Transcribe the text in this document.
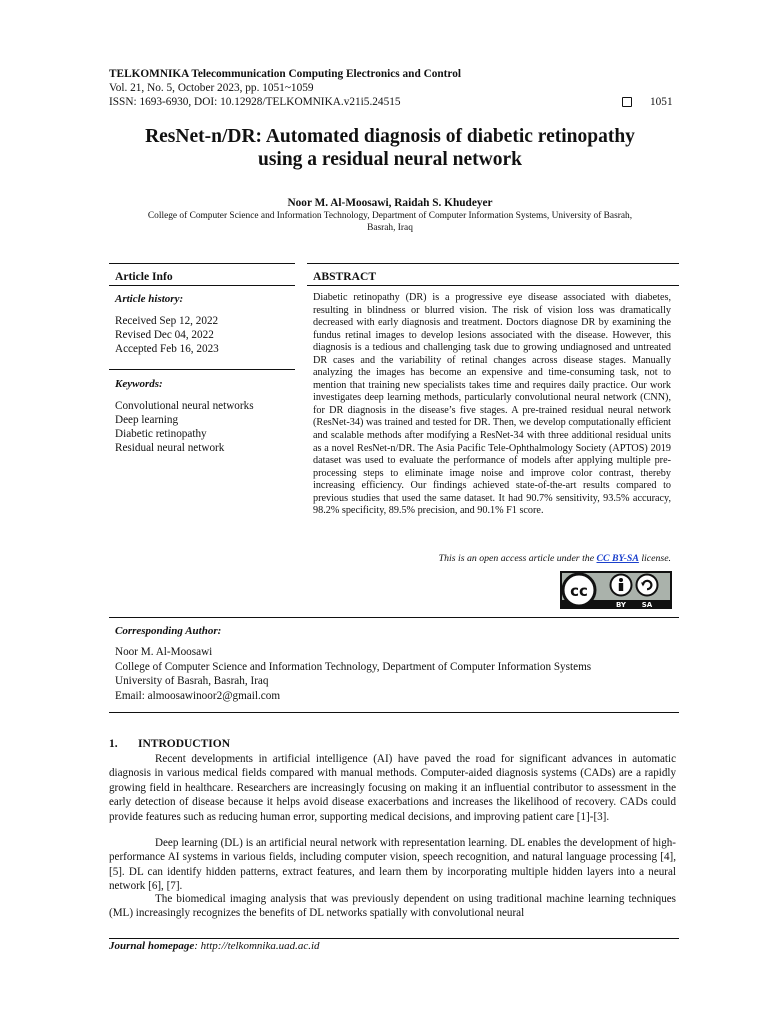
TELKOMNIKA Telecommunication Computing Electronics and Control
Vol. 21, No. 5, October 2023, pp. 1051~1059
ISSN: 1693-6930, DOI: 10.12928/TELKOMNIKA.v21i5.24515	1051
ResNet-n/DR: Automated diagnosis of diabetic retinopathy
using a residual neural network
Noor M. Al-Moosawi, Raidah S. Khudeyer
College of Computer Science and Information Technology, Department of Computer Information Systems, University of Basrah,
Basrah, Iraq
Article Info
Article history:
Received Sep 12, 2022
Revised Dec 04, 2022
Accepted Feb 16, 2023
Keywords:
Convolutional neural networks
Deep learning
Diabetic retinopathy
Residual neural network
ABSTRACT
Diabetic retinopathy (DR) is a progressive eye disease associated with diabetes, resulting in blindness or blurred vision. The risk of vision loss was dramatically decreased with early diagnosis and treatment. Doctors diagnose DR by examining the fundus retinal images to develop lesions associated with the disease. However, this diagnosis is a tedious and challenging task due to growing undiagnosed and untreated DR cases and the variability of retinal changes across disease stages. Manually analyzing the images has become an expensive and time-consuming task, not to mention that training new specialists takes time and requires daily practice. Our work investigates deep learning methods, particularly convolutional neural network (CNN), for DR diagnosis in the disease’s five stages. A pre-trained residual neural network (ResNet-34) was trained and tested for DR. Then, we develop computationally efficient and scalable methods after modifying a ResNet-34 with three additional residual units as a novel ResNet-n/DR. The Asia Pacific Tele-Ophthalmology Society (APTOS) 2019 dataset was used to evaluate the performance of models after applying multiple pre-processing steps to eliminate image noise and improve color contrast, thereby increasing efficiency. Our findings achieved state-of-the-art results compared to previous studies that used the same dataset. It had 90.7% sensitivity, 93.5% accuracy, 98.2% specificity, 89.5% precision, and 90.1% F1 score.
This is an open access article under the CC BY-SA license.
cc
BY SA
Corresponding Author:
Noor M. Al-Moosawi
College of Computer Science and Information Technology, Department of Computer Information Systems
University of Basrah, Basrah, Iraq
Email: almoosawinoor2@gmail.com
1. INTRODUCTION

Recent developments in artificial intelligence (AI) have paved the road for significant advances in automatic diagnosis in various medical fields compared with manual methods. Computer-aided diagnosis systems (CADs) are a rapidly growing field in healthcare. Researchers are increasingly focusing on making it an influential contributor to assessment in the early detection of disease because it helps avoid disease exacerbations and increases the likelihood of recovery. CADs could provide features such as reducing human error, supporting medical decisions, and improving patient care [1]-[3].

Deep learning (DL) is an artificial neural network with representation learning. DL enables the development of high-performance AI systems in various fields, including computer vision, speech recognition, and natural language processing [4], [5]. DL can identify hidden patterns, extract features, and learn them by incorporating multiple hidden layers into a neural network [6], [7].

The biomedical imaging analysis that was previously dependent on using traditional machine learning techniques (ML) increasingly recognizes the benefits of DL networks spatially with convolutional neural

Journal homepage: http://telkomnika.uad.ac.id
